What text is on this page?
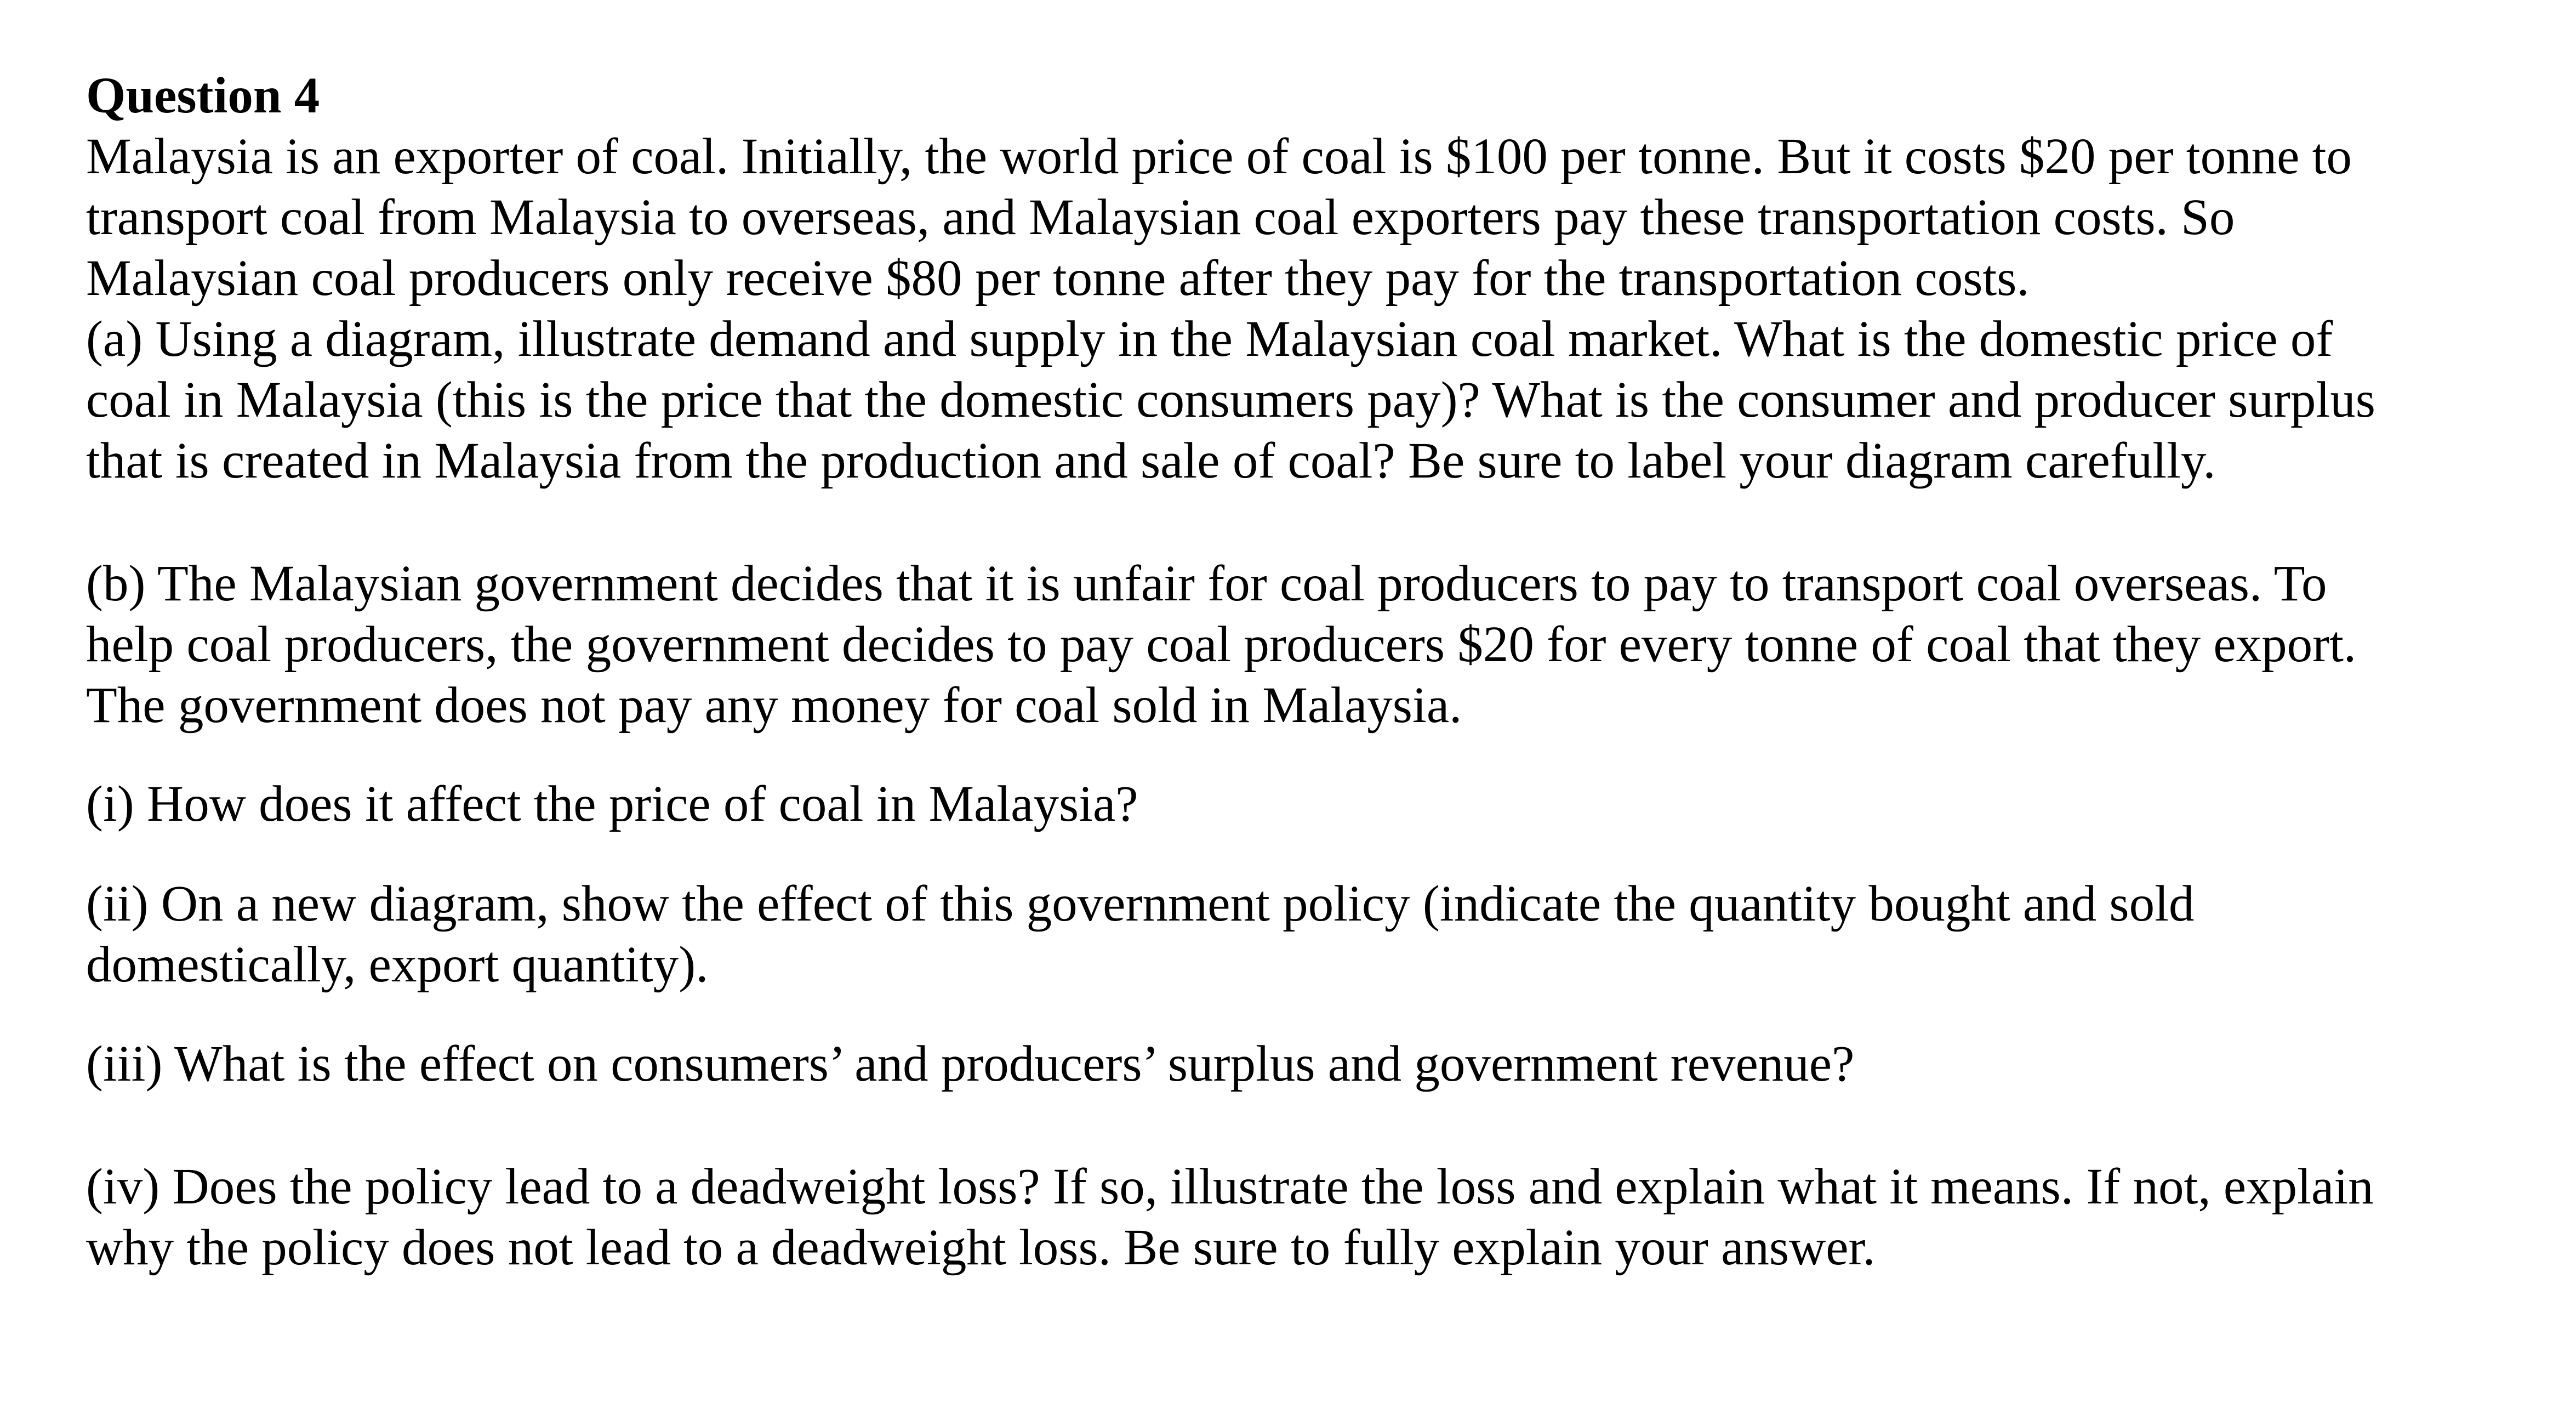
Question 4
Malaysia is an exporter of coal. Initially, the world price of coal is $100 per tonne. But it costs $20 per tonne to
transport coal from Malaysia to overseas, and Malaysian coal exporters pay these transportation costs. So
Malaysian coal producers only receive $80 per tonne after they pay for the transportation costs.
(a) Using a diagram, illustrate demand and supply in the Malaysian coal market. What is the domestic price of
coal in Malaysia (this is the price that the domestic consumers pay)? What is the consumer and producer surplus
that is created in Malaysia from the production and sale of coal? Be sure to label your diagram carefully.
(b) The Malaysian government decides that it is unfair for coal producers to pay to transport coal overseas. To
help coal producers, the government decides to pay coal producers $20 for every tonne of coal that they export.
The government does not pay any money for coal sold in Malaysia.
(i) How does it affect the price of coal in Malaysia?
(ii) On a new diagram, show the effect of this government policy (indicate the quantity bought and sold
domestically, export quantity).
(iii) What is the effect on consumers’ and producers’ surplus and government revenue?
(iv) Does the policy lead to a deadweight loss? If so, illustrate the loss and explain what it means. If not, explain
why the policy does not lead to a deadweight loss. Be sure to fully explain your answer.
